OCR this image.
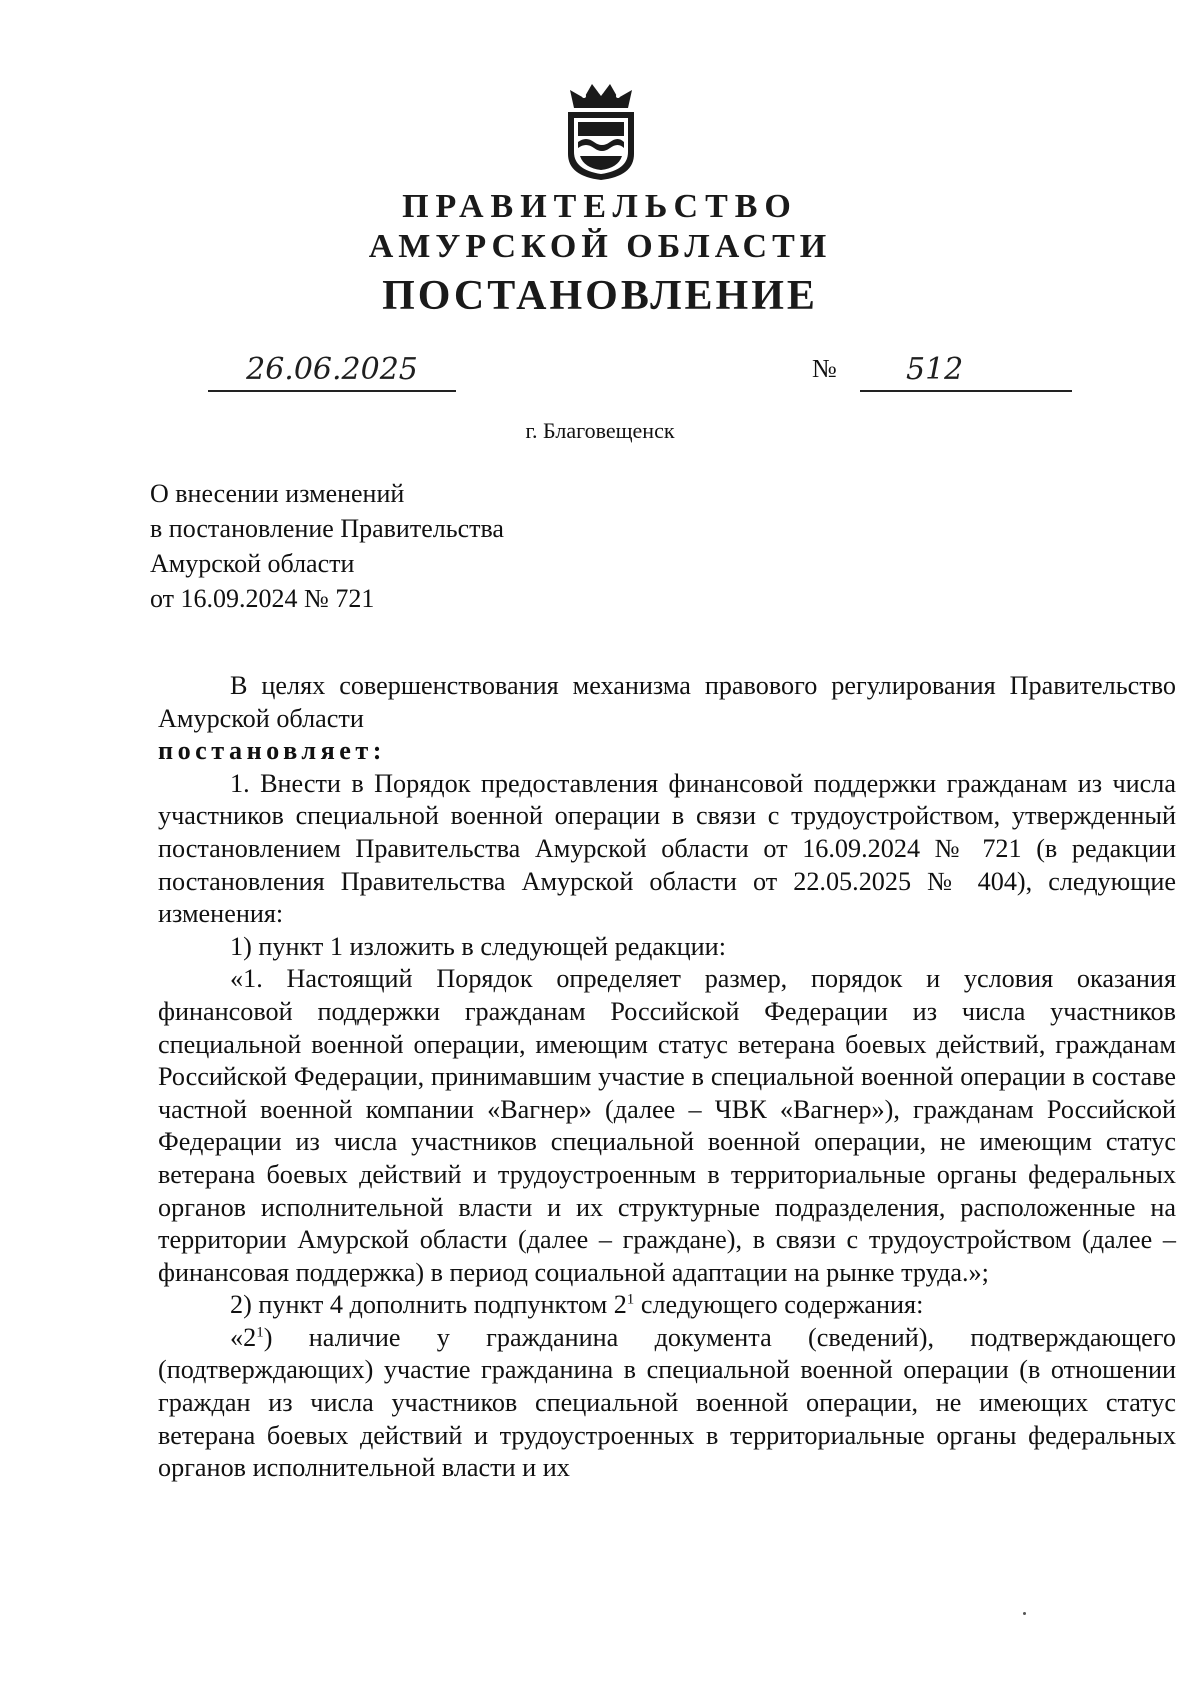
ПРАВИТЕЛЬСТВО
АМУРСКОЙ ОБЛАСТИ
ПОСТАНОВЛЕНИЕ
26.06.2025	№	512
г. Благовещенск
О внесении изменений
в постановление Правительства
Амурской области
от 16.09.2024 № 721

В целях совершенствования механизма правового регулирования Правительство Амурской области

постановляет:

1. Внести в Порядок предоставления финансовой поддержки гражданам из числа участников специальной военной операции в связи с трудоустройством, утвержденный постановлением Правительства Амурской области от 16.09.2024 № 721 (в редакции постановления Правительства Амурской области от 22.05.2025 № 404), следующие изменения:

1) пункт 1 изложить в следующей редакции:

«1. Настоящий Порядок определяет размер, порядок и условия оказания финансовой поддержки гражданам Российской Федерации из числа участников специальной военной операции, имеющим статус ветерана боевых действий, гражданам Российской Федерации, принимавшим участие в специальной военной операции в составе частной военной компании «Вагнер» (далее – ЧВК «Вагнер»), гражданам Российской Федерации из числа участников специальной военной операции, не имеющим статус ветерана боевых действий и трудоустроенным в территориальные органы федеральных органов исполнительной власти и их структурные подразделения, расположенные на территории Амурской области (далее – граждане), в связи с трудоустройством (далее – финансовая поддержка) в период социальной адаптации на рынке труда.»;

2) пункт 4 дополнить подпунктом $2^1$ следующего содержания:

«$2^1$) наличие у гражданина документа (сведений), подтверждающего (подтверждающих) участие гражданина в специальной военной операции (в отношении граждан из числа участников специальной военной операции, не имеющих статус ветерана боевых действий и трудоустроенных в территориальные органы федеральных органов исполнительной власти и их
